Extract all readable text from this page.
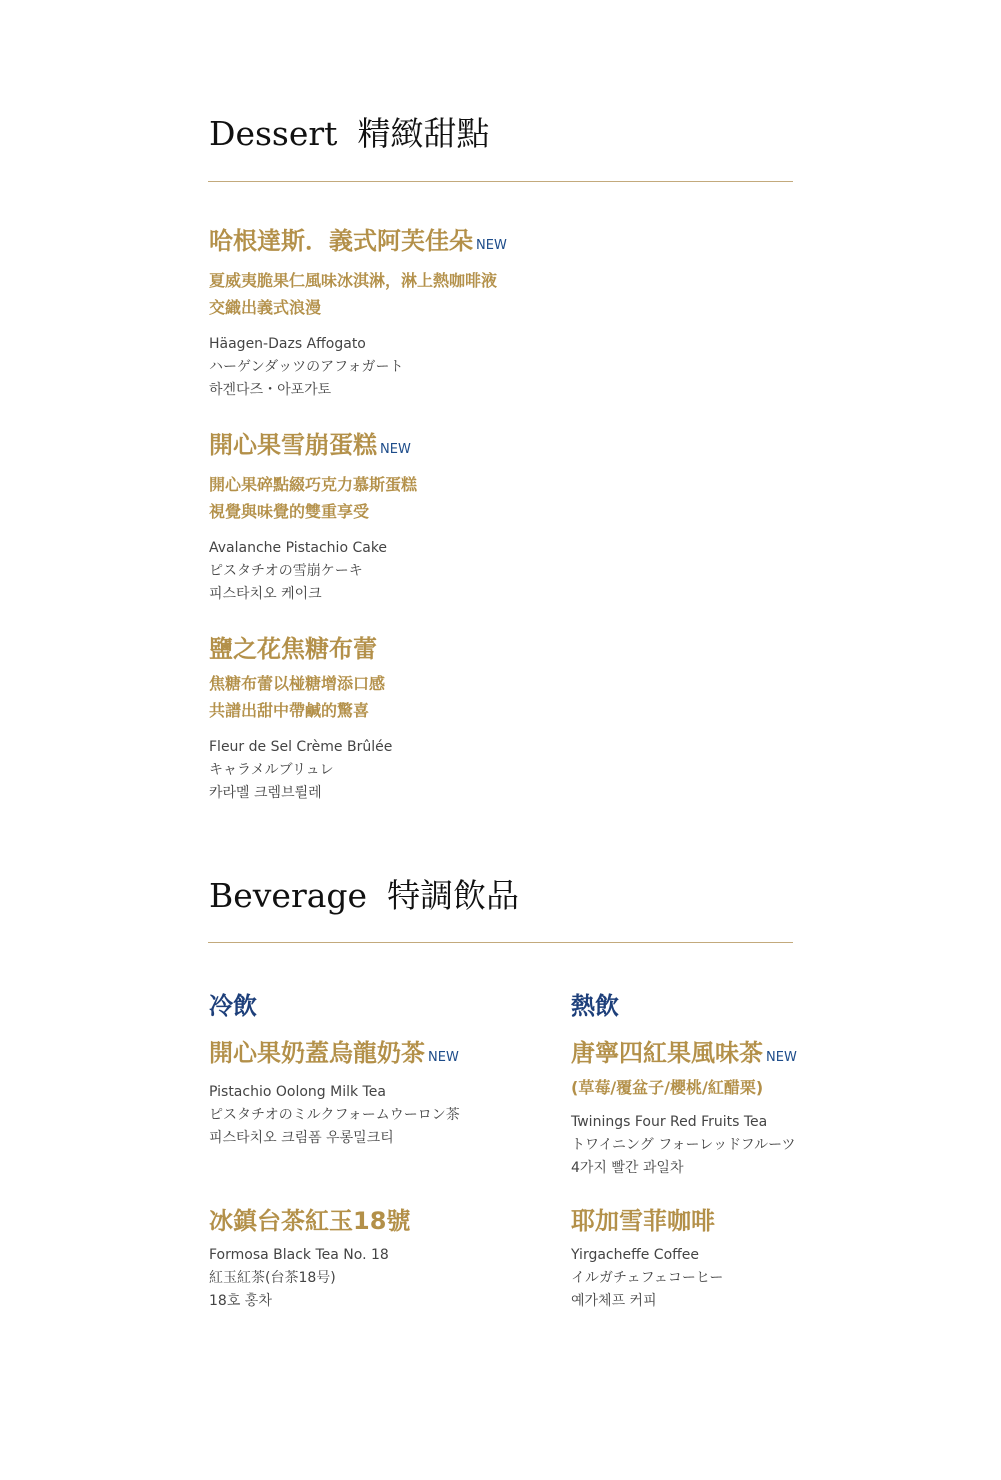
Dessert 精緻甜點
哈根達斯．義式阿芙佳朵 NEW
夏威夷脆果仁風味冰淇淋，淋上熱咖啡液
交織出義式浪漫
Häagen-Dazs Affogato
ハーゲンダッツのアフォガート
하겐다즈・아포가토
開心果雪崩蛋糕 NEW
開心果碎點綴巧克力慕斯蛋糕
視覺與味覺的雙重享受
Avalanche Pistachio Cake
ピスタチオの雪崩ケーキ
피스타치오 케이크
鹽之花焦糖布蕾
焦糖布蕾以椪糖增添口感
共譜出甜中帶鹹的驚喜
Fleur de Sel Crème Brûlée
キャラメルブリュレ
카라멜 크렘브륄레
Beverage 特調飲品
冷飲	熱飲
開心果奶蓋烏龍奶茶 NEW
Pistachio Oolong Milk Tea
ピスタチオのミルクフォームウーロン茶
피스타치오 크림폼 우롱밀크티
冰鎮台茶紅玉18號
Formosa Black Tea No. 18
紅玉紅茶(台茶18号)
18호 홍차
唐寧四紅果風味茶 NEW
(草莓/覆盆子/櫻桃/紅醋栗)
Twinings Four Red Fruits Tea
トワイニング フォーレッドフルーツ
4가지 빨간 과일차
耶加雪菲咖啡
Yirgacheffe Coffee
イルガチェフェコーヒー
예가체프 커피
